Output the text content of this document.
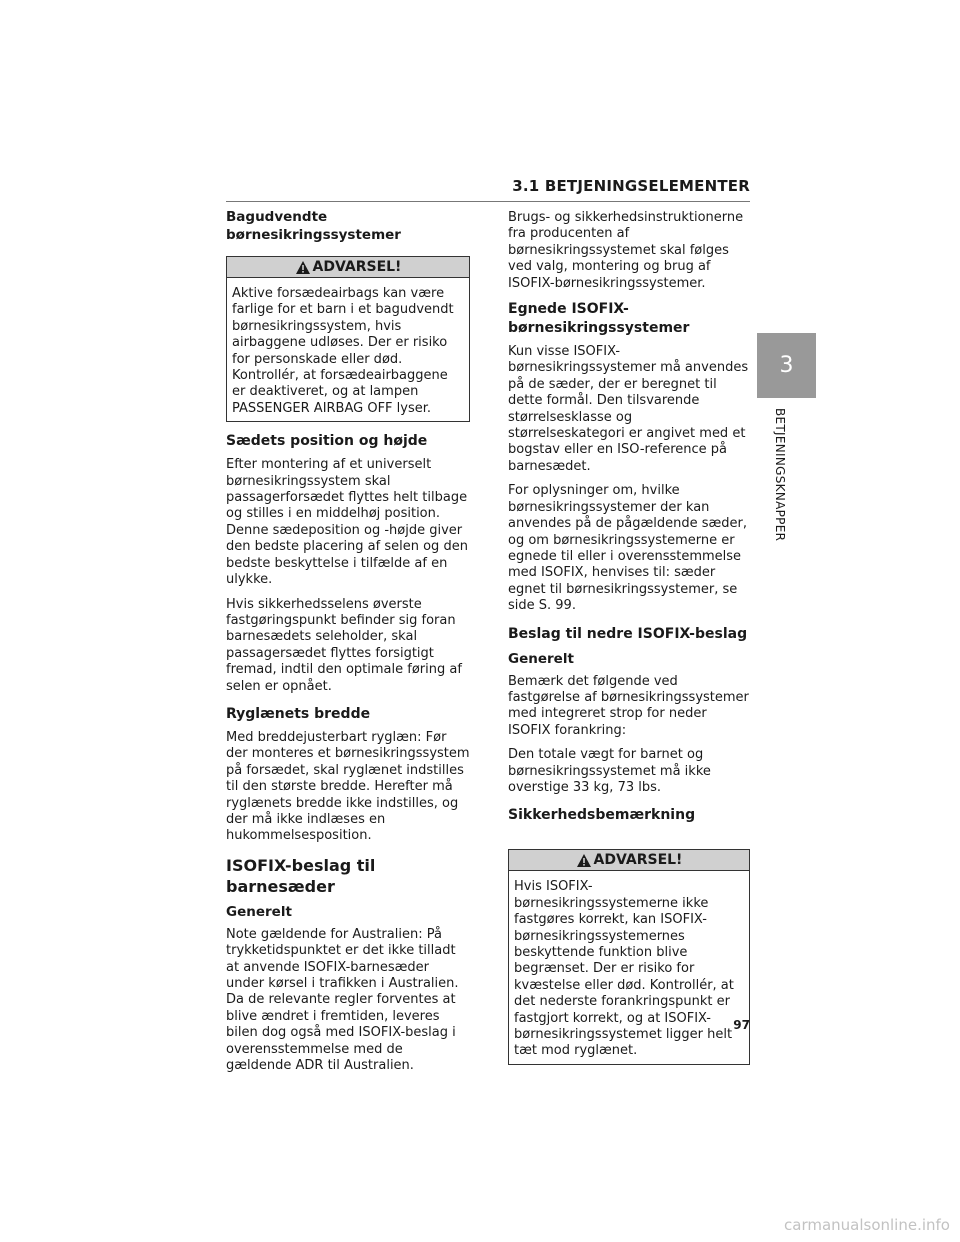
3.1 BETJENINGSELEMENTER
Bagudvendte børnesikringssystemer
ADVARSEL!
Aktive forsædeairbags kan være farlige for et barn i et bagudvendt børnesikringssystem, hvis airbaggene udløses. Der er risiko for personskade eller død. Kontrollér, at forsædeairbaggene er deaktiveret, og at lampen PASSENGER AIRBAG OFF lyser.
Sædets position og højde

Efter montering af et universelt børnesikringssystem skal passagerforsædet flyttes helt tilbage og stilles i en middelhøj position. Denne sædeposition og -højde giver den bedste placering af selen og den bedste beskyttelse i tilfælde af en ulykke.

Hvis sikkerhedsselens øverste fastgøringspunkt befinder sig foran barnesædets seleholder, skal passagersædet flyttes forsigtigt fremad, indtil den optimale føring af selen er opnået.

Ryglænets bredde

Med breddejusterbart ryglæn: Før der monteres et børnesikringssystem på forsædet, skal ryglænet indstilles til den største bredde. Herefter må ryglænets bredde ikke indstilles, og der må ikke indlæses en hukommelsesposition.

ISOFIX-beslag til barnesæder
Generelt

Note gældende for Australien: På trykketidspunktet er det ikke tilladt at anvende ISOFIX-barnesæder under kørsel i trafikken i Australien. Da de relevante regler forventes at blive ændret i fremtiden, leveres bilen dog også med ISOFIX-beslag i overensstemmelse med de gældende ADR til Australien.

Brugs- og sikkerhedsinstruktionerne fra producenten af børnesikringssystemet skal følges ved valg, montering og brug af ISOFIX-børnesikringssystemer.

Egnede ISOFIX-børnesikringssystemer

Kun visse ISOFIX-børnesikringssystemer må anvendes på de sæder, der er beregnet til dette formål. Den tilsvarende størrelsesklasse og størrelseskategori er angivet med et bogstav eller en ISO-reference på barnesædet.

For oplysninger om, hvilke børnesikringssystemer der kan anvendes på de pågældende sæder, og om børnesikringssystemerne er egnede til eller i overensstemmelse med ISOFIX, henvises til: sæder egnet til børnesikringssystemer, se side S. 99.

Beslag til nedre ISOFIX-beslag
Generelt

Bemærk det følgende ved fastgørelse af børnesikringssystemer med integreret strop for neder ISOFIX forankring:

Den totale vægt for barnet og børnesikringssystemet må ikke overstige 33 kg, 73 lbs.

Sikkerhedsbemærkning
ADVARSEL!
Hvis ISOFIX-børnesikringssystemerne ikke fastgøres korrekt, kan ISOFIX-børnesikringssystemernes beskyttende funktion blive begrænset. Der er risiko for kvæstelse eller død. Kontrollér, at det nederste forankringspunkt er fastgjort korrekt, og at ISOFIX-børnesikringssystemet ligger helt tæt mod ryglænet.
3
BETJENINGSKNAPPER
97
carmanualsonline.info
